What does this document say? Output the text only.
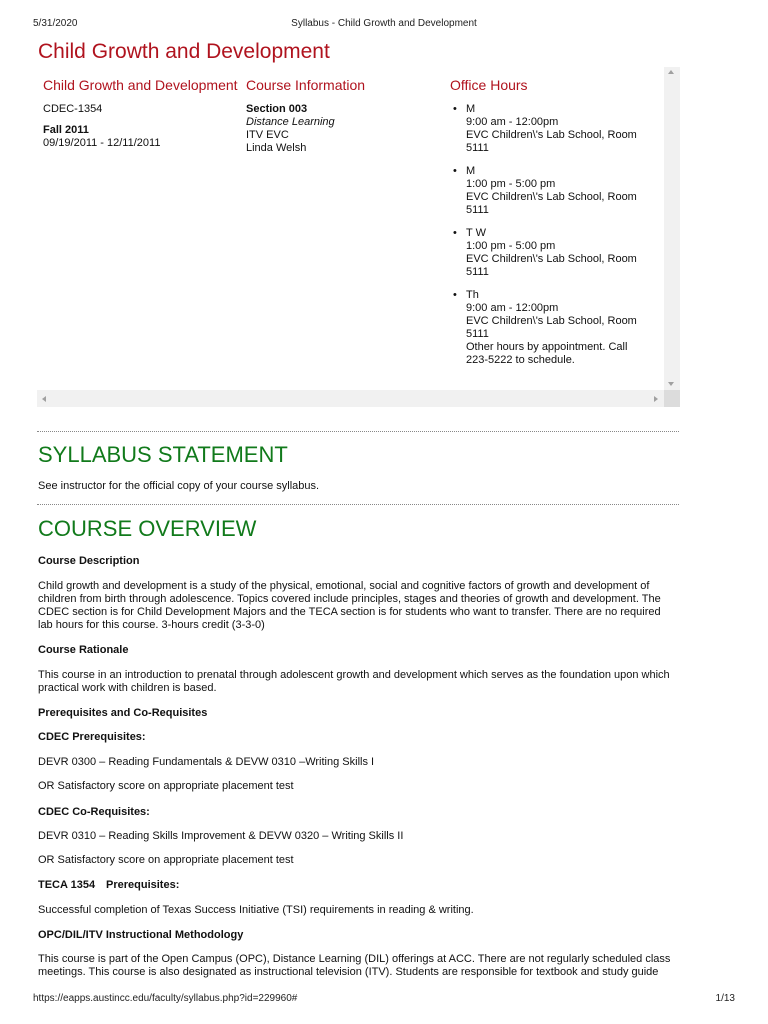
5/31/2020	Syllabus - Child Growth and Development
Child Growth and Development
Child Growth and Development
CDEC-1354
Fall 2011
09/19/2011 - 12/11/2011
Course Information
Section 003
Distance Learning
ITV EVC
Linda Welsh
Office Hours
• M
9:00 am - 12:00pm
EVC Children\'s Lab School, Room
5111
• M
1:00 pm - 5:00 pm
EVC Children\'s Lab School, Room
5111
• T W
1:00 pm - 5:00 pm
EVC Children\'s Lab School, Room
5111
• Th
9:00 am - 12:00pm
EVC Children\'s Lab School, Room
5111
Other hours by appointment. Call
223-5222 to schedule.
SYLLABUS STATEMENT

See instructor for the official copy of your course syllabus.

COURSE OVERVIEW

Course Description

Child growth and development is a study of the physical, emotional, social and cognitive factors of growth and development of
children from birth through adolescence. Topics covered include principles, stages and theories of growth and development. The
CDEC section is for Child Development Majors and the TECA section is for students who want to transfer. There are no required
lab hours for this course. 3-hours credit (3-3-0)

Course Rationale

This course in an introduction to prenatal through adolescent growth and development which serves as the foundation upon which
practical work with children is based.

Prerequisites and Co-Requisites

CDEC Prerequisites:

DEVR 0300 – Reading Fundamentals & DEVW 0310 –Writing Skills I

OR Satisfactory score on appropriate placement test

CDEC Co-Requisites:

DEVR 0310 – Reading Skills Improvement & DEVW 0320 – Writing Skills II

OR Satisfactory score on appropriate placement test

TECA 1354 Prerequisites:

Successful completion of Texas Success Initiative (TSI) requirements in reading & writing.

OPC/DIL/ITV Instructional Methodology

This course is part of the Open Campus (OPC), Distance Learning (DIL) offerings at ACC. There are not regularly scheduled class
meetings. This course is also designated as instructional television (ITV). Students are responsible for textbook and study guide
https://eapps.austincc.edu/faculty/syllabus.php?id=229960#	1/13
